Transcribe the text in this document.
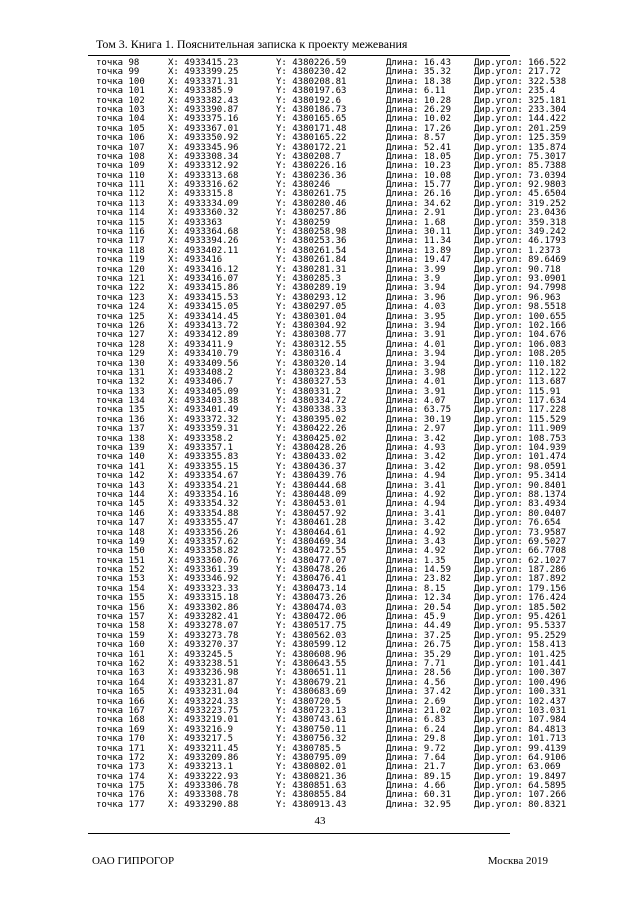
Том 3. Книга 1. Пояснительная записка к проекту межевания
точка 98	X: 4933415.23	Y: 4380226.59	Длина: 16.43	Дир.угол: 166.522
точка 99	X: 4933399.25	Y: 4380230.42	Длина: 35.32	Дир.угол: 217.72
точка 100	X: 4933371.31	Y: 4380208.81	Длина: 18.38	Дир.угол: 322.538
точка 101	X: 4933385.9	Y: 4380197.63	Длина: 6.11	Дир.угол: 235.4
точка 102	X: 4933382.43	Y: 4380192.6	Длина: 10.28	Дир.угол: 325.181
точка 103	X: 4933390.87	Y: 4380186.73	Длина: 26.29	Дир.угол: 233.304
точка 104	X: 4933375.16	Y: 4380165.65	Длина: 10.02	Дир.угол: 144.422
точка 105	X: 4933367.01	Y: 4380171.48	Длина: 17.26	Дир.угол: 201.259
точка 106	X: 4933350.92	Y: 4380165.22	Длина: 8.57	Дир.угол: 125.359
точка 107	X: 4933345.96	Y: 4380172.21	Длина: 52.41	Дир.угол: 135.874
точка 108	X: 4933308.34	Y: 4380208.7	Длина: 18.05	Дир.угол: 75.3017
точка 109	X: 4933312.92	Y: 4380226.16	Длина: 10.23	Дир.угол: 85.7388
точка 110	X: 4933313.68	Y: 4380236.36	Длина: 10.08	Дир.угол: 73.0394
точка 111	X: 4933316.62	Y: 4380246	Длина: 15.77	Дир.угол: 92.9803
точка 112	X: 4933315.8	Y: 4380261.75	Длина: 26.16	Дир.угол: 45.6504
точка 113	X: 4933334.09	Y: 4380280.46	Длина: 34.62	Дир.угол: 319.252
точка 114	X: 4933360.32	Y: 4380257.86	Длина: 2.91	Дир.угол: 23.0436
точка 115	X: 4933363	Y: 4380259	Длина: 1.68	Дир.угол: 359.318
точка 116	X: 4933364.68	Y: 4380258.98	Длина: 30.11	Дир.угол: 349.242
точка 117	X: 4933394.26	Y: 4380253.36	Длина: 11.34	Дир.угол: 46.1793
точка 118	X: 4933402.11	Y: 4380261.54	Длина: 13.89	Дир.угол: 1.2373
точка 119	X: 4933416	Y: 4380261.84	Длина: 19.47	Дир.угол: 89.6469
точка 120	X: 4933416.12	Y: 4380281.31	Длина: 3.99	Дир.угол: 90.718
точка 121	X: 4933416.07	Y: 4380285.3	Длина: 3.9	Дир.угол: 93.0901
точка 122	X: 4933415.86	Y: 4380289.19	Длина: 3.94	Дир.угол: 94.7998
точка 123	X: 4933415.53	Y: 4380293.12	Длина: 3.96	Дир.угол: 96.963
точка 124	X: 4933415.05	Y: 4380297.05	Длина: 4.03	Дир.угол: 98.5518
точка 125	X: 4933414.45	Y: 4380301.04	Длина: 3.95	Дир.угол: 100.655
точка 126	X: 4933413.72	Y: 4380304.92	Длина: 3.94	Дир.угол: 102.166
точка 127	X: 4933412.89	Y: 4380308.77	Длина: 3.91	Дир.угол: 104.676
точка 128	X: 4933411.9	Y: 4380312.55	Длина: 4.01	Дир.угол: 106.083
точка 129	X: 4933410.79	Y: 4380316.4	Длина: 3.94	Дир.угол: 108.205
точка 130	X: 4933409.56	Y: 4380320.14	Длина: 3.94	Дир.угол: 110.182
точка 131	X: 4933408.2	Y: 4380323.84	Длина: 3.98	Дир.угол: 112.122
точка 132	X: 4933406.7	Y: 4380327.53	Длина: 4.01	Дир.угол: 113.687
точка 133	X: 4933405.09	Y: 4380331.2	Длина: 3.91	Дир.угол: 115.91
точка 134	X: 4933403.38	Y: 4380334.72	Длина: 4.07	Дир.угол: 117.634
точка 135	X: 4933401.49	Y: 4380338.33	Длина: 63.75	Дир.угол: 117.228
точка 136	X: 4933372.32	Y: 4380395.02	Длина: 30.19	Дир.угол: 115.529
точка 137	X: 4933359.31	Y: 4380422.26	Длина: 2.97	Дир.угол: 111.909
точка 138	X: 4933358.2	Y: 4380425.02	Длина: 3.42	Дир.угол: 108.753
точка 139	X: 4933357.1	Y: 4380428.26	Длина: 4.93	Дир.угол: 104.939
точка 140	X: 4933355.83	Y: 4380433.02	Длина: 3.42	Дир.угол: 101.474
точка 141	X: 4933355.15	Y: 4380436.37	Длина: 3.42	Дир.угол: 98.0591
точка 142	X: 4933354.67	Y: 4380439.76	Длина: 4.94	Дир.угол: 95.3414
точка 143	X: 4933354.21	Y: 4380444.68	Длина: 3.41	Дир.угол: 90.8401
точка 144	X: 4933354.16	Y: 4380448.09	Длина: 4.92	Дир.угол: 88.1374
точка 145	X: 4933354.32	Y: 4380453.01	Длина: 4.94	Дир.угол: 83.4934
точка 146	X: 4933354.88	Y: 4380457.92	Длина: 3.41	Дир.угол: 80.0407
точка 147	X: 4933355.47	Y: 4380461.28	Длина: 3.42	Дир.угол: 76.654
точка 148	X: 4933356.26	Y: 4380464.61	Длина: 4.92	Дир.угол: 73.9587
точка 149	X: 4933357.62	Y: 4380469.34	Длина: 3.43	Дир.угол: 69.5027
точка 150	X: 4933358.82	Y: 4380472.55	Длина: 4.92	Дир.угол: 66.7708
точка 151	X: 4933360.76	Y: 4380477.07	Длина: 1.35	Дир.угол: 62.1027
точка 152	X: 4933361.39	Y: 4380478.26	Длина: 14.59	Дир.угол: 187.286
точка 153	X: 4933346.92	Y: 4380476.41	Длина: 23.82	Дир.угол: 187.892
точка 154	X: 4933323.33	Y: 4380473.14	Длина: 8.15	Дир.угол: 179.156
точка 155	X: 4933315.18	Y: 4380473.26	Длина: 12.34	Дир.угол: 176.424
точка 156	X: 4933302.86	Y: 4380474.03	Длина: 20.54	Дир.угол: 185.502
точка 157	X: 4933282.41	Y: 4380472.06	Длина: 45.9	Дир.угол: 95.4261
точка 158	X: 4933278.07	Y: 4380517.75	Длина: 44.49	Дир.угол: 95.5337
точка 159	X: 4933273.78	Y: 4380562.03	Длина: 37.25	Дир.угол: 95.2529
точка 160	X: 4933270.37	Y: 4380599.12	Длина: 26.75	Дир.угол: 158.413
точка 161	X: 4933245.5	Y: 4380608.96	Длина: 35.29	Дир.угол: 101.425
точка 162	X: 4933238.51	Y: 4380643.55	Длина: 7.71	Дир.угол: 101.441
точка 163	X: 4933236.98	Y: 4380651.11	Длина: 28.56	Дир.угол: 100.307
точка 164	X: 4933231.87	Y: 4380679.21	Длина: 4.56	Дир.угол: 100.496
точка 165	X: 4933231.04	Y: 4380683.69	Длина: 37.42	Дир.угол: 100.331
точка 166	X: 4933224.33	Y: 4380720.5	Длина: 2.69	Дир.угол: 102.437
точка 167	X: 4933223.75	Y: 4380723.13	Длина: 21.02	Дир.угол: 103.031
точка 168	X: 4933219.01	Y: 4380743.61	Длина: 6.83	Дир.угол: 107.984
точка 169	X: 4933216.9	Y: 4380750.11	Длина: 6.24	Дир.угол: 84.4813
точка 170	X: 4933217.5	Y: 4380756.32	Длина: 29.8	Дир.угол: 101.713
точка 171	X: 4933211.45	Y: 4380785.5	Длина: 9.72	Дир.угол: 99.4139
точка 172	X: 4933209.86	Y: 4380795.09	Длина: 7.64	Дир.угол: 64.9106
точка 173	X: 4933213.1	Y: 4380802.01	Длина: 21.7	Дир.угол: 63.069
точка 174	X: 4933222.93	Y: 4380821.36	Длина: 89.15	Дир.угол: 19.8497
точка 175	X: 4933306.78	Y: 4380851.63	Длина: 4.66	Дир.угол: 64.5895
точка 176	X: 4933308.78	Y: 4380855.84	Длина: 60.31	Дир.угол: 107.266
точка 177	X: 4933290.88	Y: 4380913.43	Длина: 32.95	Дир.угол: 80.8321
43
ОАО ГИПРОГОР	Москва 2019
